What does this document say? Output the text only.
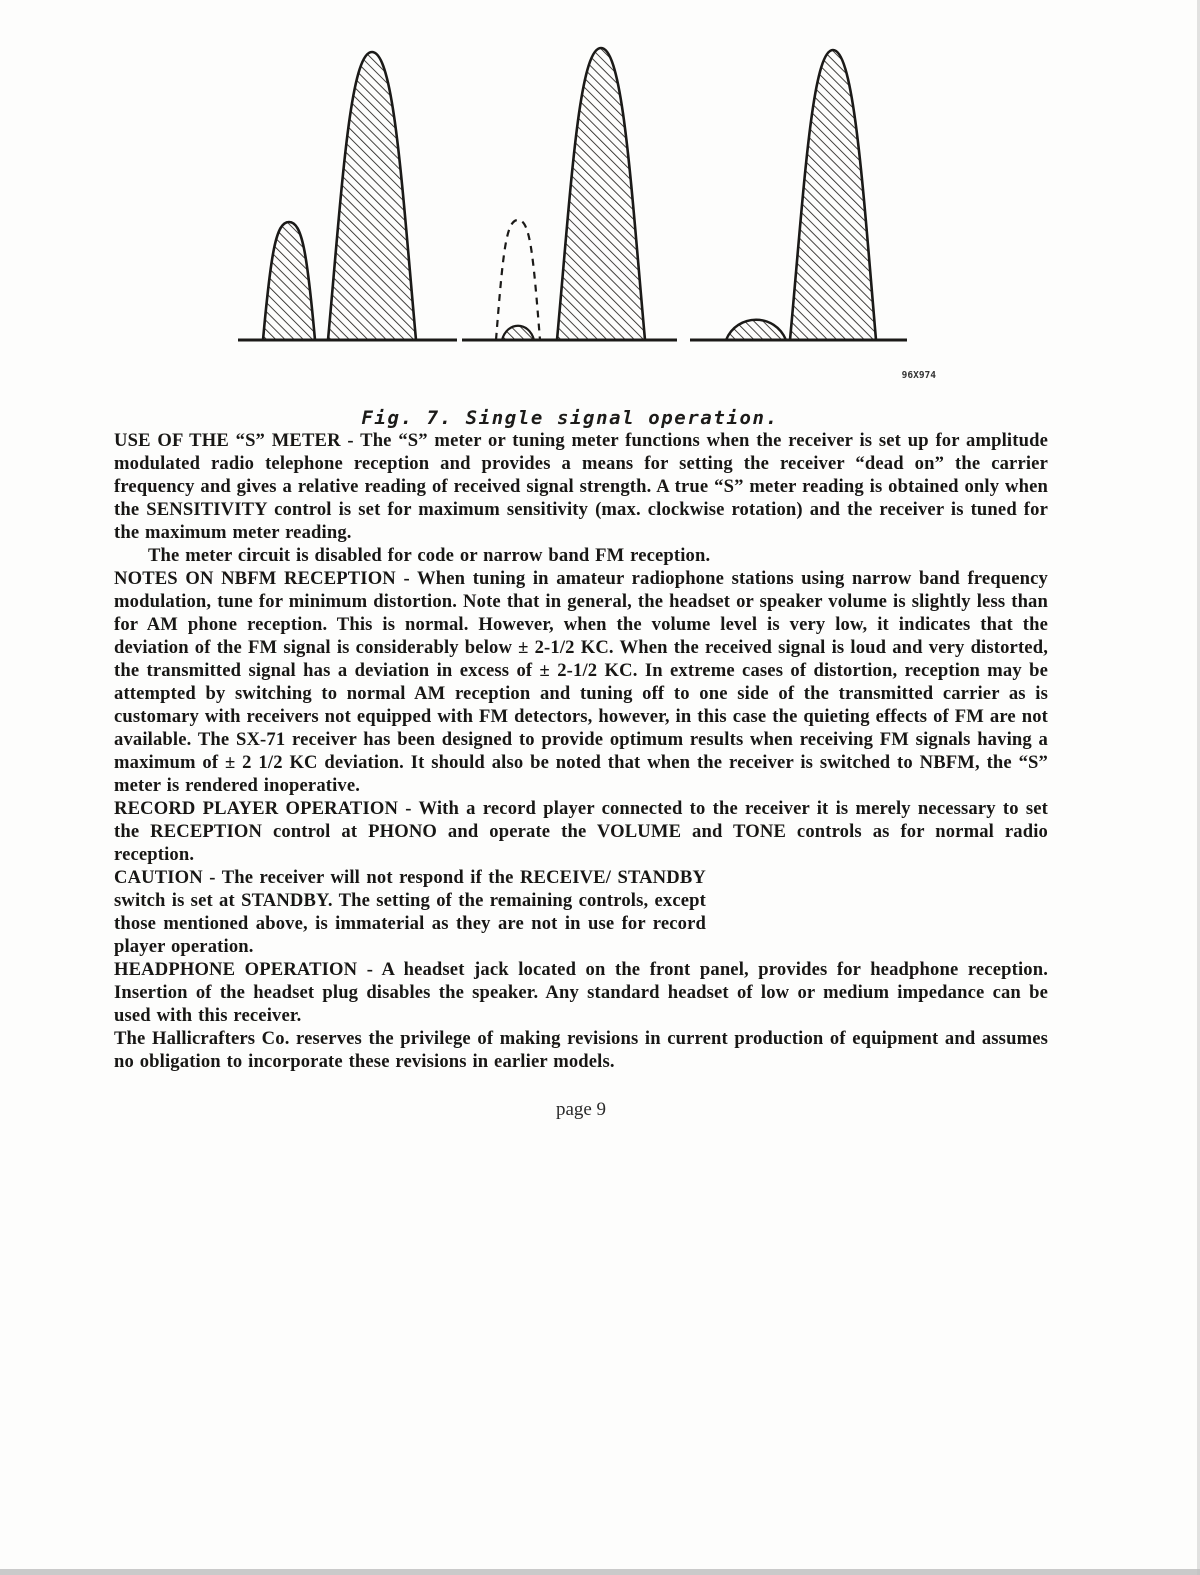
96X974
Fig. 7. Single signal operation.

USE OF THE “S” METER - The “S” meter or tuning meter functions when the receiver is set up for amplitude modulated radio telephone reception and provides a means for setting the receiver “dead on” the carrier frequency and gives a relative reading of received signal strength. A true “S” meter reading is obtained only when the SENSITIVITY control is set for maximum sensitivity (max. clockwise rotation) and the receiver is tuned for the maximum meter reading.
The meter circuit is disabled for code or narrow band FM reception.

NOTES ON NBFM RECEPTION - When tuning in amateur radiophone stations using narrow band frequency modulation, tune for minimum distortion. Note that in general, the headset or speaker volume is slightly less than for AM phone reception. This is normal. However, when the volume level is very low, it indicates that the deviation of the FM signal is considerably below ± 2-1/2 KC. When the received signal is loud and very distorted, the transmitted signal has a deviation in excess of ± 2-1/2 KC. In extreme cases of distortion, reception may be attempted by switching to normal AM reception and tuning off to one side of the transmitted carrier as is customary with receivers not equipped with FM detectors, however, in this case the quieting effects of FM are not available. The SX-71 receiver has been designed to provide optimum results when receiving FM signals having a maximum of ± 2 1/2 KC deviation. It should also be noted that when the receiver is switched to NBFM, the “S” meter is rendered inoperative.

RECORD PLAYER OPERATION - With a record player connected to the receiver it is merely necessary to set the RECEPTION control at PHONO and operate the VOLUME and TONE controls as for normal radio reception.

CAUTION - The receiver will not respond if the RECEIVE/ STANDBY switch is set at STANDBY. The setting of the remaining controls, except those mentioned above, is immaterial as they are not in use for record player operation.

HEADPHONE OPERATION - A headset jack located on the front panel, provides for headphone reception. Insertion of the headset plug disables the speaker. Any standard headset of low or medium impedance can be used with this receiver.

The Hallicrafters Co. reserves the privilege of making revisions in current production of equipment and assumes no obligation to incorporate these revisions in earlier models.

page 9
